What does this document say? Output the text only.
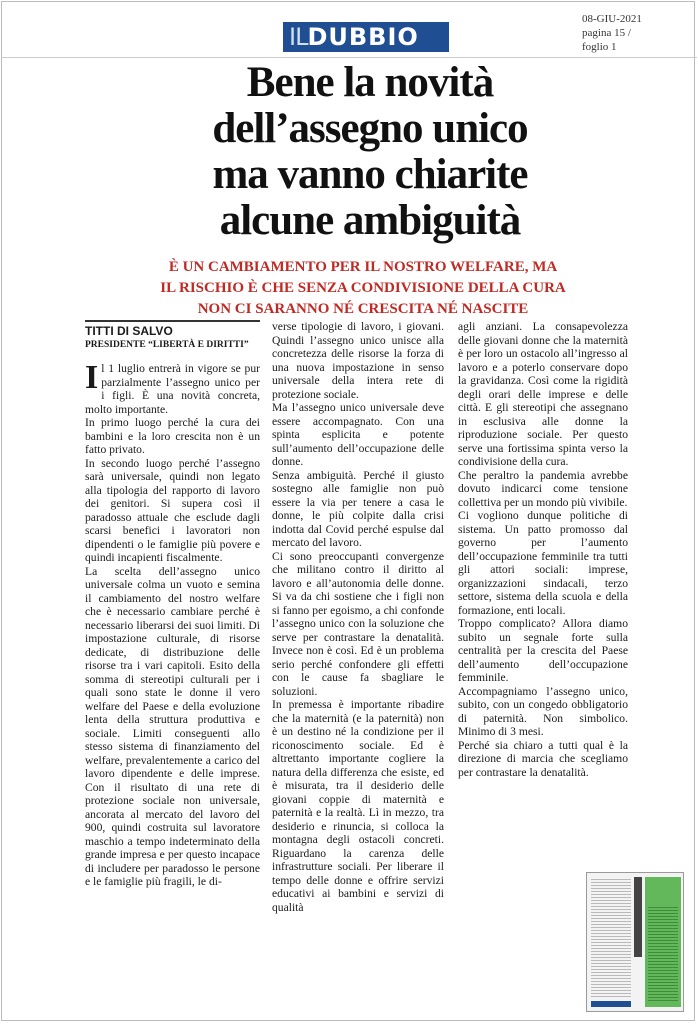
ILDUBBIO
08-GIU-2021
pagina 15 /
foglio 1
Bene la novità
dell’assegno unico
ma vanno chiarite
alcune ambiguità
È UN CAMBIAMENTO PER IL NOSTRO WELFARE, MA
IL RISCHIO È CHE SENZA CONDIVISIONE DELLA CURA
NON CI SARANNO NÉ CRESCITA NÉ NASCITE
TITTI DI SALVO
PRESIDENTE “LIBERTÀ E DIRITTI”

Il 1 luglio entrerà in vigore se pur parzialmente l’assegno unico per i figli. È una novità concreta, molto importante.

In primo luogo perché la cura dei bambini e la loro crescita non è un fatto privato.

In secondo luogo perché l’assegno sarà universale, quindi non legato alla tipologia del rapporto di lavoro dei genitori. Si supera così il paradosso attuale che esclude dagli scarsi benefici i lavoratori non dipendenti o le famiglie più povere e quindi incapienti fiscalmente.

La scelta dell’assegno unico universale colma un vuoto e semina il cambiamento del nostro welfare che è necessario cambiare perché è necessario liberarsi dei suoi limiti. Di impostazione culturale, di risorse dedicate, di distribuzione delle risorse tra i vari capitoli. Esito della somma di stereotipi culturali per i quali sono state le donne il vero welfare del Paese e della evoluzione lenta della struttura produttiva e sociale. Limiti conseguenti allo stesso sistema di finanziamento del welfare, prevalentemente a carico del lavoro dipendente e delle imprese. Con il risultato di una rete di protezione sociale non universale, ancorata al mercato del lavoro del 900, quindi costruita sul lavoratore maschio a tempo indeterminato della grande impresa e per questo incapace di includere per paradosso le persone e le famiglie più fragili, le di-

verse tipologie di lavoro, i giovani. Quindi l’assegno unico unisce alla concretezza delle risorse la forza di una nuova impostazione in senso universale della intera rete di protezione sociale.

Ma l’assegno unico universale deve essere accompagnato. Con una spinta esplicita e potente sull’aumento dell’occupazione delle donne.

Senza ambiguità. Perché il giusto sostegno alle famiglie non può essere la via per tenere a casa le donne, le più colpite dalla crisi indotta dal Covid perché espulse dal mercato del lavoro.

Ci sono preoccupanti convergenze che militano contro il diritto al lavoro e all’autonomia delle donne. Si va da chi sostiene che i figli non si fanno per egoismo, a chi confonde l’assegno unico con la soluzione che serve per contrastare la denatalità. Invece non è così. Ed è un problema serio perché confondere gli effetti con le cause fa sbagliare le soluzioni.

In premessa è importante ribadire che la maternità (e la paternità) non è un destino né la condizione per il riconoscimento sociale. Ed è altrettanto importante cogliere la natura della differenza che esiste, ed è misurata, tra il desiderio delle giovani coppie di maternità e paternità e la realtà. Lì in mezzo, tra desiderio e rinuncia, si colloca la montagna degli ostacoli concreti. Riguardano la carenza delle infrastrutture sociali. Per liberare il tempo delle donne e offrire servizi educativi ai bambini e servizi di qualità

agli anziani. La consapevolezza delle giovani donne che la maternità è per loro un ostacolo all’ingresso al lavoro e a poterlo conservare dopo la gravidanza. Così come la rigidità degli orari delle imprese e delle città. E gli stereotipi che assegnano in esclusiva alle donne la riproduzione sociale. Per questo serve una fortissima spinta verso la condivisione della cura.

Che peraltro la pandemia avrebbe dovuto indicarci come tensione collettiva per un mondo più vivibile.

Ci vogliono dunque politiche di sistema. Un patto promosso dal governo per l’aumento dell’occupazione femminile tra tutti gli attori sociali: imprese, organizzazioni sindacali, terzo settore, sistema della scuola e della formazione, enti locali.

Troppo complicato? Allora diamo subito un segnale forte sulla centralità per la crescita del Paese dell’aumento dell’occupazione femminile.

Accompagniamo l’assegno unico, subito, con un congedo obbligatorio di paternità. Non simbolico. Minimo di 3 mesi.

Perché sia chiaro a tutti qual è la direzione di marcia che scegliamo per contrastare la denatalità.
